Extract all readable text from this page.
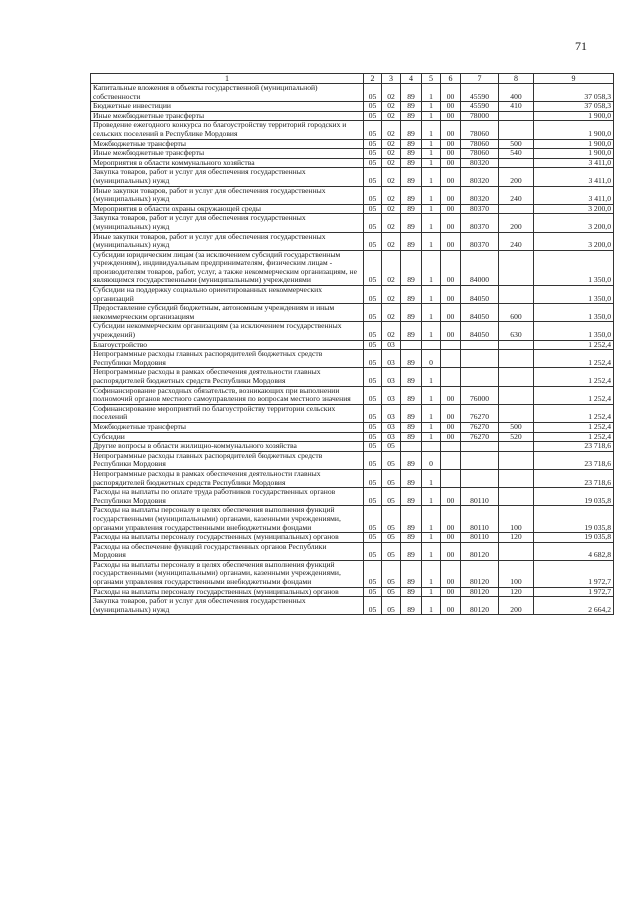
71
1	2	3	4	5	6	7	8	9
Капитальные вложения в объекты государственной (муниципальной) собственности	05	02	89	1	00	45590	400	37 058,3
Бюджетные инвестиции	05	02	89	1	00	45590	410	37 058,3
Иные межбюджетные трансферты	05	02	89	1	00	78000		1 900,0
Проведение ежегодного конкурса по благоустройству территорий городских и сельских поселений в Республике Мордовия	05	02	89	1	00	78060		1 900,0
Межбюджетные трансферты	05	02	89	1	00	78060	500	1 900,0
Иные межбюджетные трансферты	05	02	89	1	00	78060	540	1 900,0
Мероприятия в области коммунального хозяйства	05	02	89	1	00	80320		3 411,0
Закупка товаров, работ и услуг для обеспечения государственных (муниципальных) нужд	05	02	89	1	00	80320	200	3 411,0
Иные закупки товаров, работ и услуг для обеспечения государственных (муниципальных) нужд	05	02	89	1	00	80320	240	3 411,0
Мероприятия в области охраны окружающей среды	05	02	89	1	00	80370		3 200,0
Закупка товаров, работ и услуг для обеспечения государственных (муниципальных) нужд	05	02	89	1	00	80370	200	3 200,0
Иные закупки товаров, работ и услуг для обеспечения государственных (муниципальных) нужд	05	02	89	1	00	80370	240	3 200,0
Субсидии юридическим лицам (за исключением субсидий государственным учреждениям), индивидуальным предпринимателям, физическим лицам - производителям товаров, работ, услуг, а также некоммерческим организациям, не являющимся государственными (муниципальными) учреждениями	05	02	89	1	00	84000		1 350,0
Субсидии на поддержку социально ориентированных некоммерческих организаций	05	02	89	1	00	84050		1 350,0
Предоставление субсидий бюджетным, автономным учреждениям и иным некоммерческим организациям	05	02	89	1	00	84050	600	1 350,0
Субсидии некоммерческим организациям (за исключением государственных учреждений)	05	02	89	1	00	84050	630	1 350,0
Благоустройство	05	03						1 252,4
Непрограммные расходы главных распорядителей бюджетных средств Республики Мордовия	05	03	89	0				1 252,4
Непрограммные расходы в рамках обеспечения деятельности главных распорядителей бюджетных средств Республики Мордовия	05	03	89	1				1 252,4
Софинансирование расходных обязательств, возникающих при выполнении полномочий органов местного самоуправления по вопросам местного значения	05	03	89	1	00	76000		1 252,4
Софинансирование мероприятий по благоустройству территории сельских поселений	05	03	89	1	00	76270		1 252,4
Межбюджетные трансферты	05	03	89	1	00	76270	500	1 252,4
Субсидии	05	03	89	1	00	76270	520	1 252,4
Другие вопросы в области жилищно-коммунального хозяйства	05	05						23 718,6
Непрограммные расходы главных распорядителей бюджетных средств Республики Мордовия	05	05	89	0				23 718,6
Непрограммные расходы в рамках обеспечения деятельности главных распорядителей бюджетных средств Республики Мордовия	05	05	89	1				23 718,6
Расходы на выплаты по оплате труда работников государственных органов Республики Мордовия	05	05	89	1	00	80110		19 035,8
Расходы на выплаты персоналу в целях обеспечения выполнения функций государственными (муниципальными) органами, казенными учреждениями, органами управления государственными внебюджетными фондами	05	05	89	1	00	80110	100	19 035,8
Расходы на выплаты персоналу государственных (муниципальных) органов	05	05	89	1	00	80110	120	19 035,8
Расходы на обеспечение функций государственных органов Республики Мордовия	05	05	89	1	00	80120		4 682,8
Расходы на выплаты персоналу в целях обеспечения выполнения функций государственными (муниципальными) органами, казенными учреждениями, органами управления государственными внебюджетными фондами	05	05	89	1	00	80120	100	1 972,7
Расходы на выплаты персоналу государственных (муниципальных) органов	05	05	89	1	00	80120	120	1 972,7
Закупка товаров, работ и услуг для обеспечения государственных (муниципальных) нужд	05	05	89	1	00	80120	200	2 664,2
